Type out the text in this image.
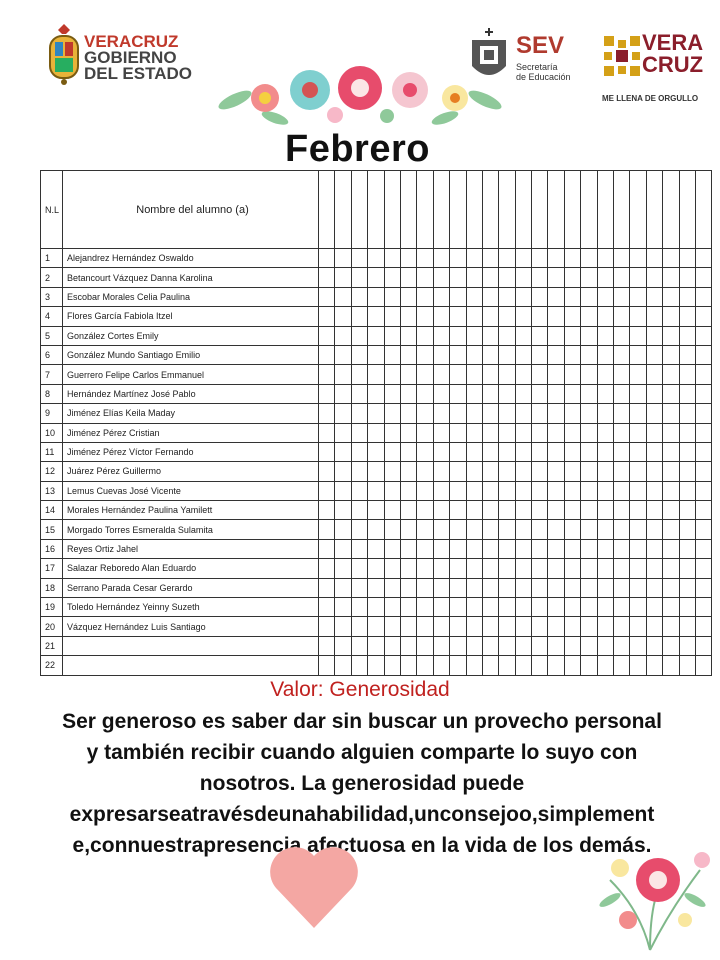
VERACRUZ
GOBIERNO
DEL ESTADO
SEV
Secretaría
de Educación
VERA
CRUZ
ME LLENA DE ORGULLO
Febrero
N.L	Nombre del alumno (a)																								
1	Alejandrez Hernández Oswaldo																								
2	Betancourt Vázquez Danna Karolina																								
3	Escobar Morales Celia Paulina																								
4	Flores García Fabiola Itzel																								
5	González Cortes Emily																								
6	González Mundo Santiago Emilio																								
7	Guerrero Felipe Carlos Emmanuel																								
8	Hernández Martínez José Pablo																								
9	Jiménez Elías Keila Maday																								
10	Jiménez Pérez Cristian																								
11	Jiménez Pérez Víctor Fernando																								
12	Juárez Pérez Guillermo																								
13	Lemus Cuevas José Vicente																								
14	Morales Hernández Paulina Yamilett																								
15	Morgado Torres Esmeralda Sulamita																								
16	Reyes Ortiz Jahel																								
17	Salazar Reboredo Alan Eduardo																								
18	Serrano Parada Cesar Gerardo																								
19	Toledo Hernández Yeinny Suzeth																								
20	Vázquez Hernández Luis Santiago																								
21																									
22																									
Valor: Generosidad
Ser generoso es saber dar sin buscar un provecho personal
y también recibir cuando alguien comparte lo suyo con
nosotros. La generosidad puede
expresarseatravésdeunahabilidad,unconsejoo,simplement
e,connuestrapresencia afectuosa en la vida de los demás.
